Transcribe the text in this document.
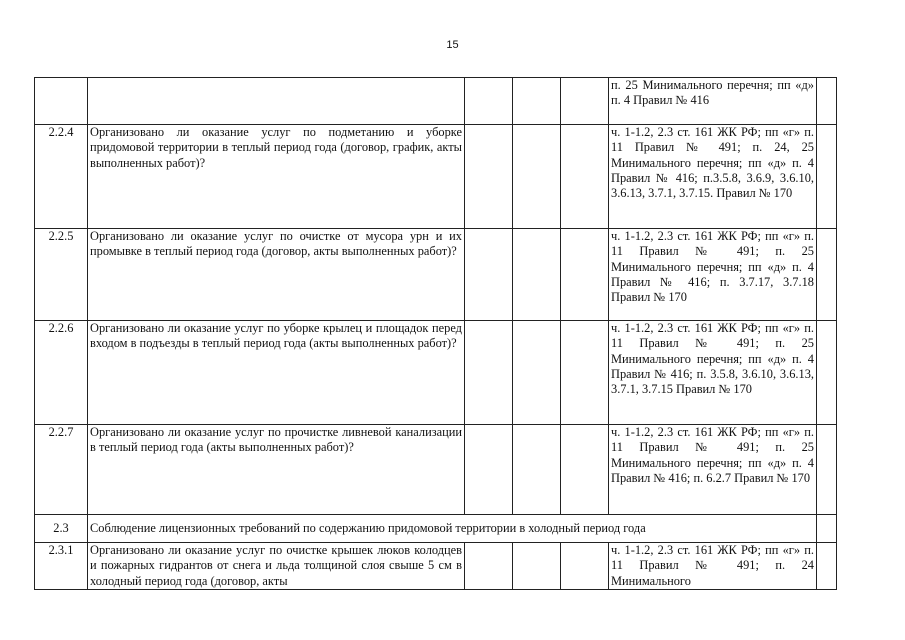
15
					п. 25 Минимального перечня; пп «д» п. 4 Правил № 416	
2.2.4	Организовано ли оказание услуг по подметанию и уборке придомовой территории в теплый период года (договор, график, акты выполненных работ)?				ч. 1-1.2, 2.3 ст. 161 ЖК РФ; пп «г» п. 11 Правил № 491; п. 24, 25 Минимального перечня; пп «д» п. 4 Правил № 416; п.3.5.8, 3.6.9, 3.6.10, 3.6.13, 3.7.1, 3.7.15. Правил № 170	
2.2.5	Организовано ли оказание услуг по очистке от мусора урн и их промывке в теплый период года (договор, акты выполненных работ)?				ч. 1-1.2, 2.3 ст. 161 ЖК РФ; пп «г» п. 11 Правил № 491; п. 25 Минимального перечня; пп «д» п. 4 Правил № 416; п. 3.7.17, 3.7.18 Правил № 170	
2.2.6	Организовано ли оказание услуг по уборке крылец и площадок перед входом в подъезды в теплый период года (акты выполненных работ)?				ч. 1-1.2, 2.3 ст. 161 ЖК РФ; пп «г» п. 11 Правил № 491; п. 25 Минимального перечня; пп «д» п. 4 Правил № 416; п. 3.5.8, 3.6.10, 3.6.13, 3.7.1, 3.7.15 Правил № 170	
2.2.7	Организовано ли оказание услуг по прочистке ливневой канализации в теплый период года (акты выполненных работ)?				ч. 1-1.2, 2.3 ст. 161 ЖК РФ; пп «г» п. 11 Правил № 491; п. 25 Минимального перечня; пп «д» п. 4 Правил № 416; п. 6.2.7 Правил № 170	
2.3	Соблюдение лицензионных требований по содержанию придомовой территории в холодный период года					
2.3.1	Организовано ли оказание услуг по очистке крышек люков колодцев и пожарных гидрантов от снега и льда толщиной слоя свыше 5 см в холодный период года (договор, акты				ч. 1-1.2, 2.3 ст. 161 ЖК РФ; пп «г» п. 11 Правил № 491; п. 24 Минимального	
